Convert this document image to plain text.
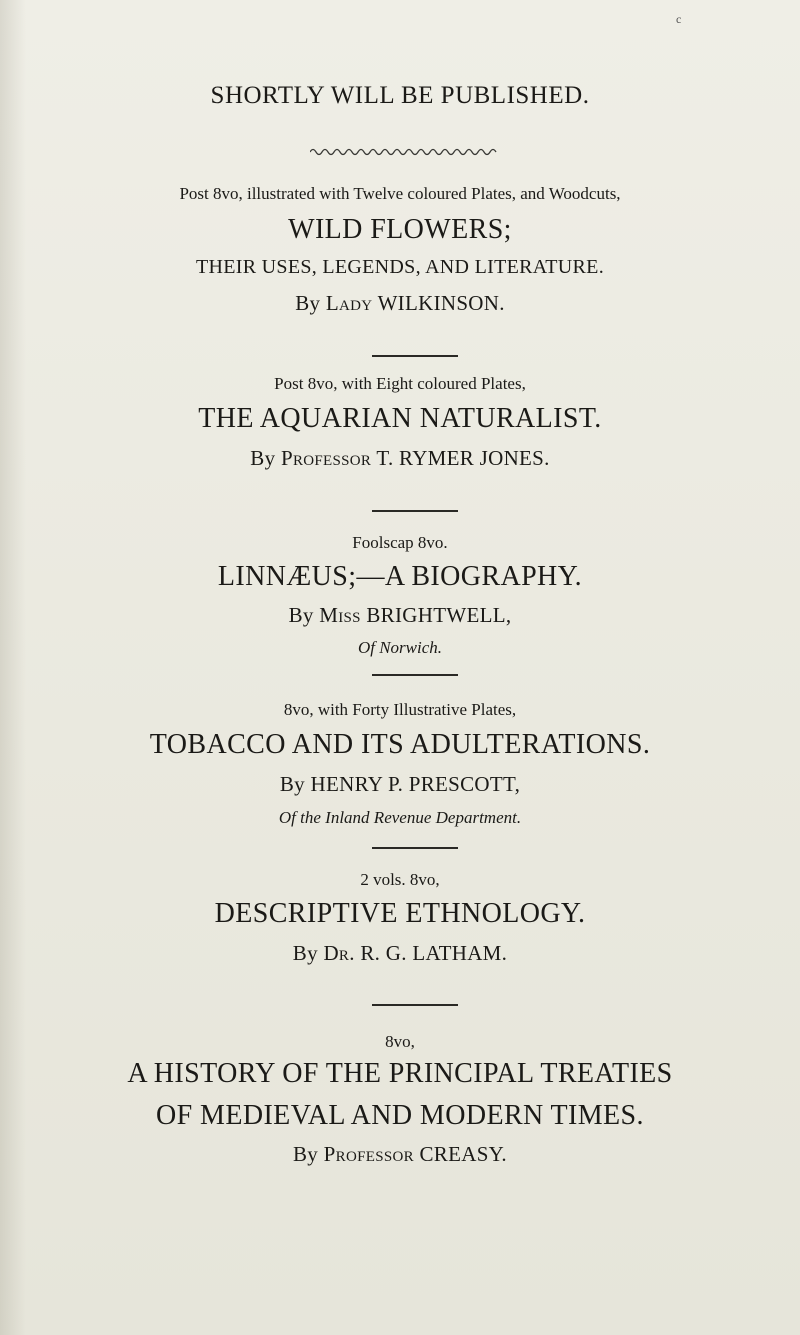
c
SHORTLY WILL BE PUBLISHED.
Post 8vo, illustrated with Twelve coloured Plates, and Woodcuts,
WILD FLOWERS;
THEIR USES, LEGENDS, AND LITERATURE.
By Lady WILKINSON.
Post 8vo, with Eight coloured Plates,
THE AQUARIAN NATURALIST.
By Professor T. RYMER JONES.
Foolscap 8vo.
LINNÆUS;—A BIOGRAPHY.
By Miss BRIGHTWELL,
Of Norwich.
8vo, with Forty Illustrative Plates,
TOBACCO AND ITS ADULTERATIONS.
By HENRY P. PRESCOTT,
Of the Inland Revenue Department.
2 vols. 8vo,
DESCRIPTIVE ETHNOLOGY.
By Dr. R. G. LATHAM.
8vo,
A HISTORY OF THE PRINCIPAL TREATIES
OF MEDIEVAL AND MODERN TIMES.
By Professor CREASY.
